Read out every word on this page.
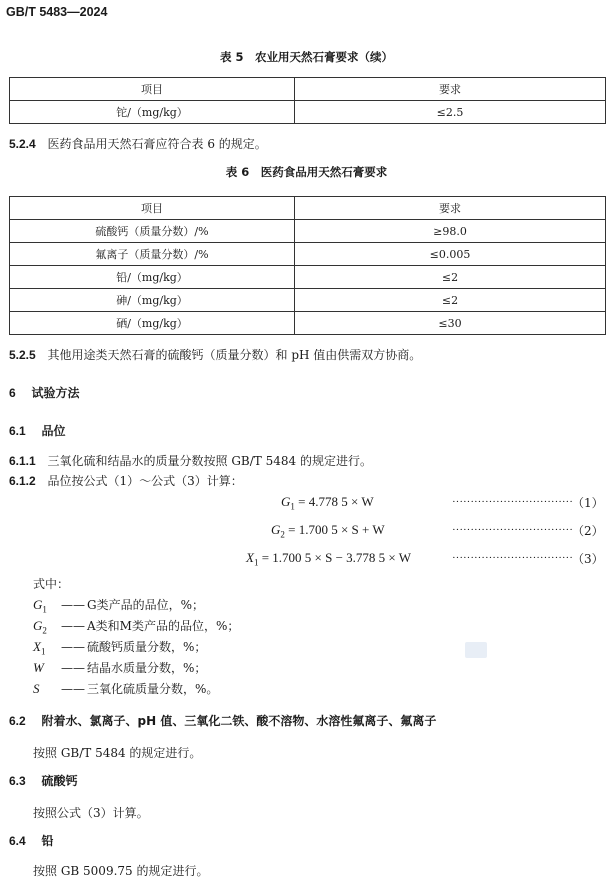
GB/T 5483—2024
表 5　农业用天然石膏要求（续）
项目	要求
铊/（mg/kg）	≤2.5
5.2.4 医药食品用天然石膏应符合表 6 的规定。
表 6　医药食品用天然石膏要求
项目	要求
硫酸钙（质量分数）/%	≥98.0
氟离子（质量分数）/%	≤0.005
铅/（mg/kg）	≤2
砷/（mg/kg）	≤2
硒/（mg/kg）	≤30
5.2.5 其他用途类天然石膏的硫酸钙（质量分数）和 pH 值由供需双方协商。
6 试验方法
6.1 品位
6.1.1 三氧化硫和结晶水的质量分数按照 GB/T 5484 的规定进行。
6.1.2 品位按公式（1）～公式（3）计算：
$G_1 = 4.778$ 5 × W	································· （1）
$G_2 = 1.700$ 5 × S + W	································· （2）
$X_1 = 1.700$ 5 × S − 3.778 5 × W	································· （3）
式中：
$G_1$ —— G类产品的品位，%；
$G_2$ —— A类和M类产品的品位，%；
$X_1$ —— 硫酸钙质量分数，%；
W —— 结晶水质量分数，%；
S —— 三氧化硫质量分数，%。
6.2 附着水、氯离子、pH 值、三氧化二铁、酸不溶物、水溶性氟离子、氟离子
按照 GB/T 5484 的规定进行。
6.3 硫酸钙
按照公式（3）计算。
6.4 铅
按照 GB 5009.75 的规定进行。
